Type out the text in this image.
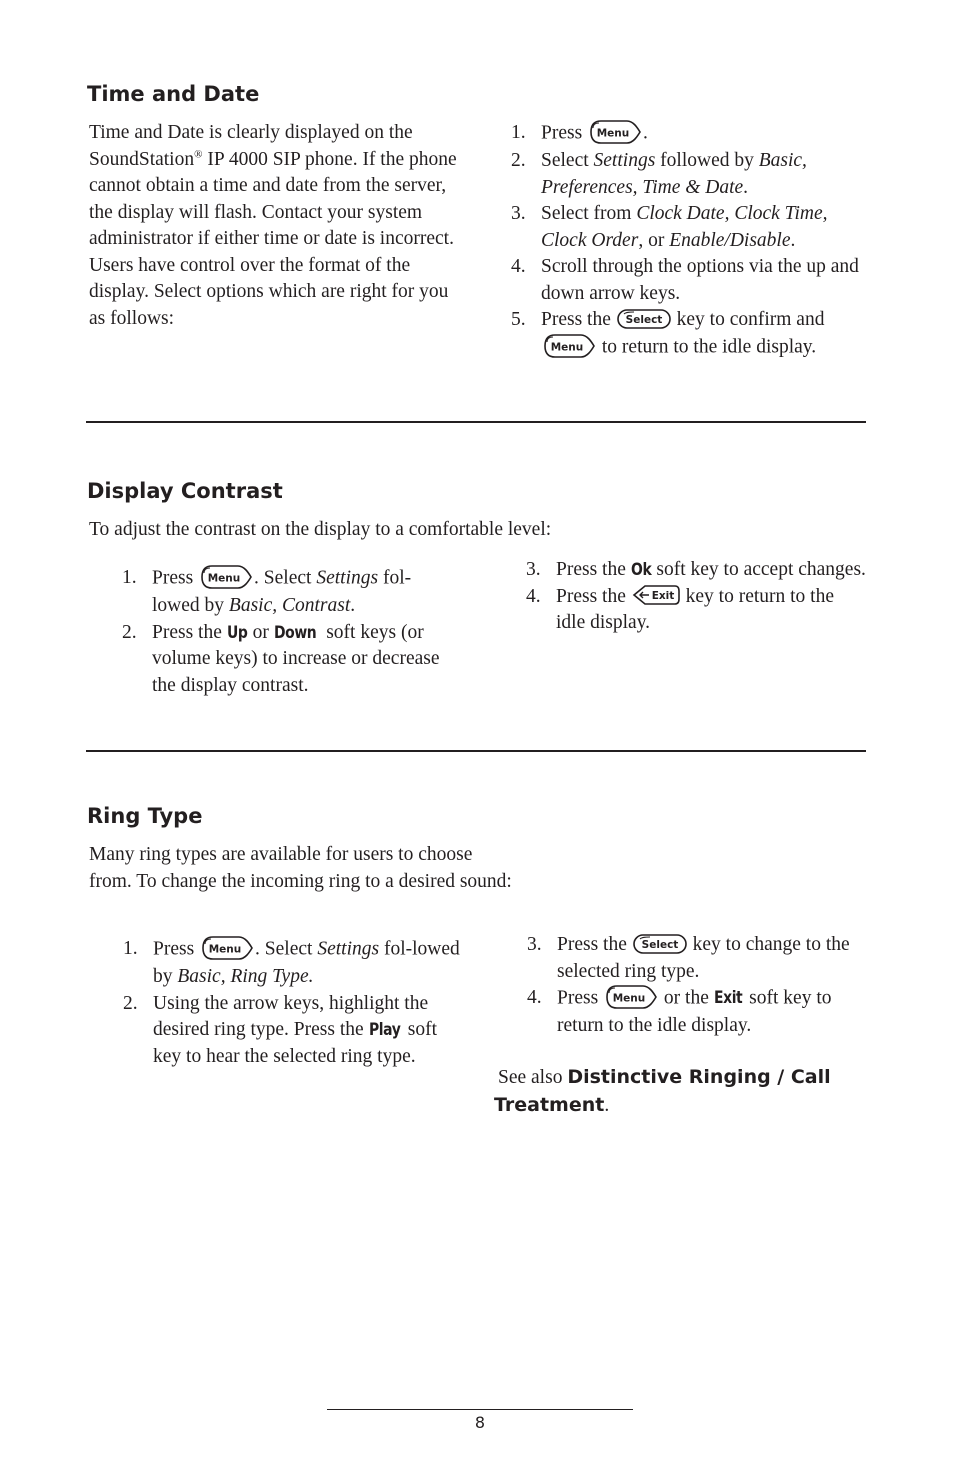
Time and Date
Time and Date is clearly displayed on the SoundStation® IP 4000 SIP phone. If the phone cannot obtain a time and date from the server, the display will flash. Contact your system administrator if either time or date is incorrect. Users have control over the format of the display. Select options which are right for you as follows:
1. Press Menu .
2. Select Settings followed by Basic, Preferences, Time & Date.
3. Select from Clock Date, Clock Time, Clock Order, or Enable/Disable.
4. Scroll through the options via the up and down arrow keys.
5. Press the Select key to confirm and
Menu to return to the idle display.
Display Contrast
To adjust the contrast on the display to a comfortable level:
1. Press Menu . Select Settings fol-lowed by Basic, Contrast.
2. Press the Up or Down soft keys (or volume keys) to increase or decrease the display contrast.
3. Press the Ok soft key to accept changes.
4. Press the Exit key to return to the idle display.
Ring Type
Many ring types are available for users to choose from. To change the incoming ring to a desired sound:
1. Press Menu . Select Settings fol-lowed by Basic, Ring Type.
2. Using the arrow keys, highlight the desired ring type. Press the Play soft key to hear the selected ring type.
3. Press the Select key to change to the selected ring type.
4. Press Menu or the Exit soft key to return to the idle display.
See also Distinctive Ringing / Call Treatment.
8
